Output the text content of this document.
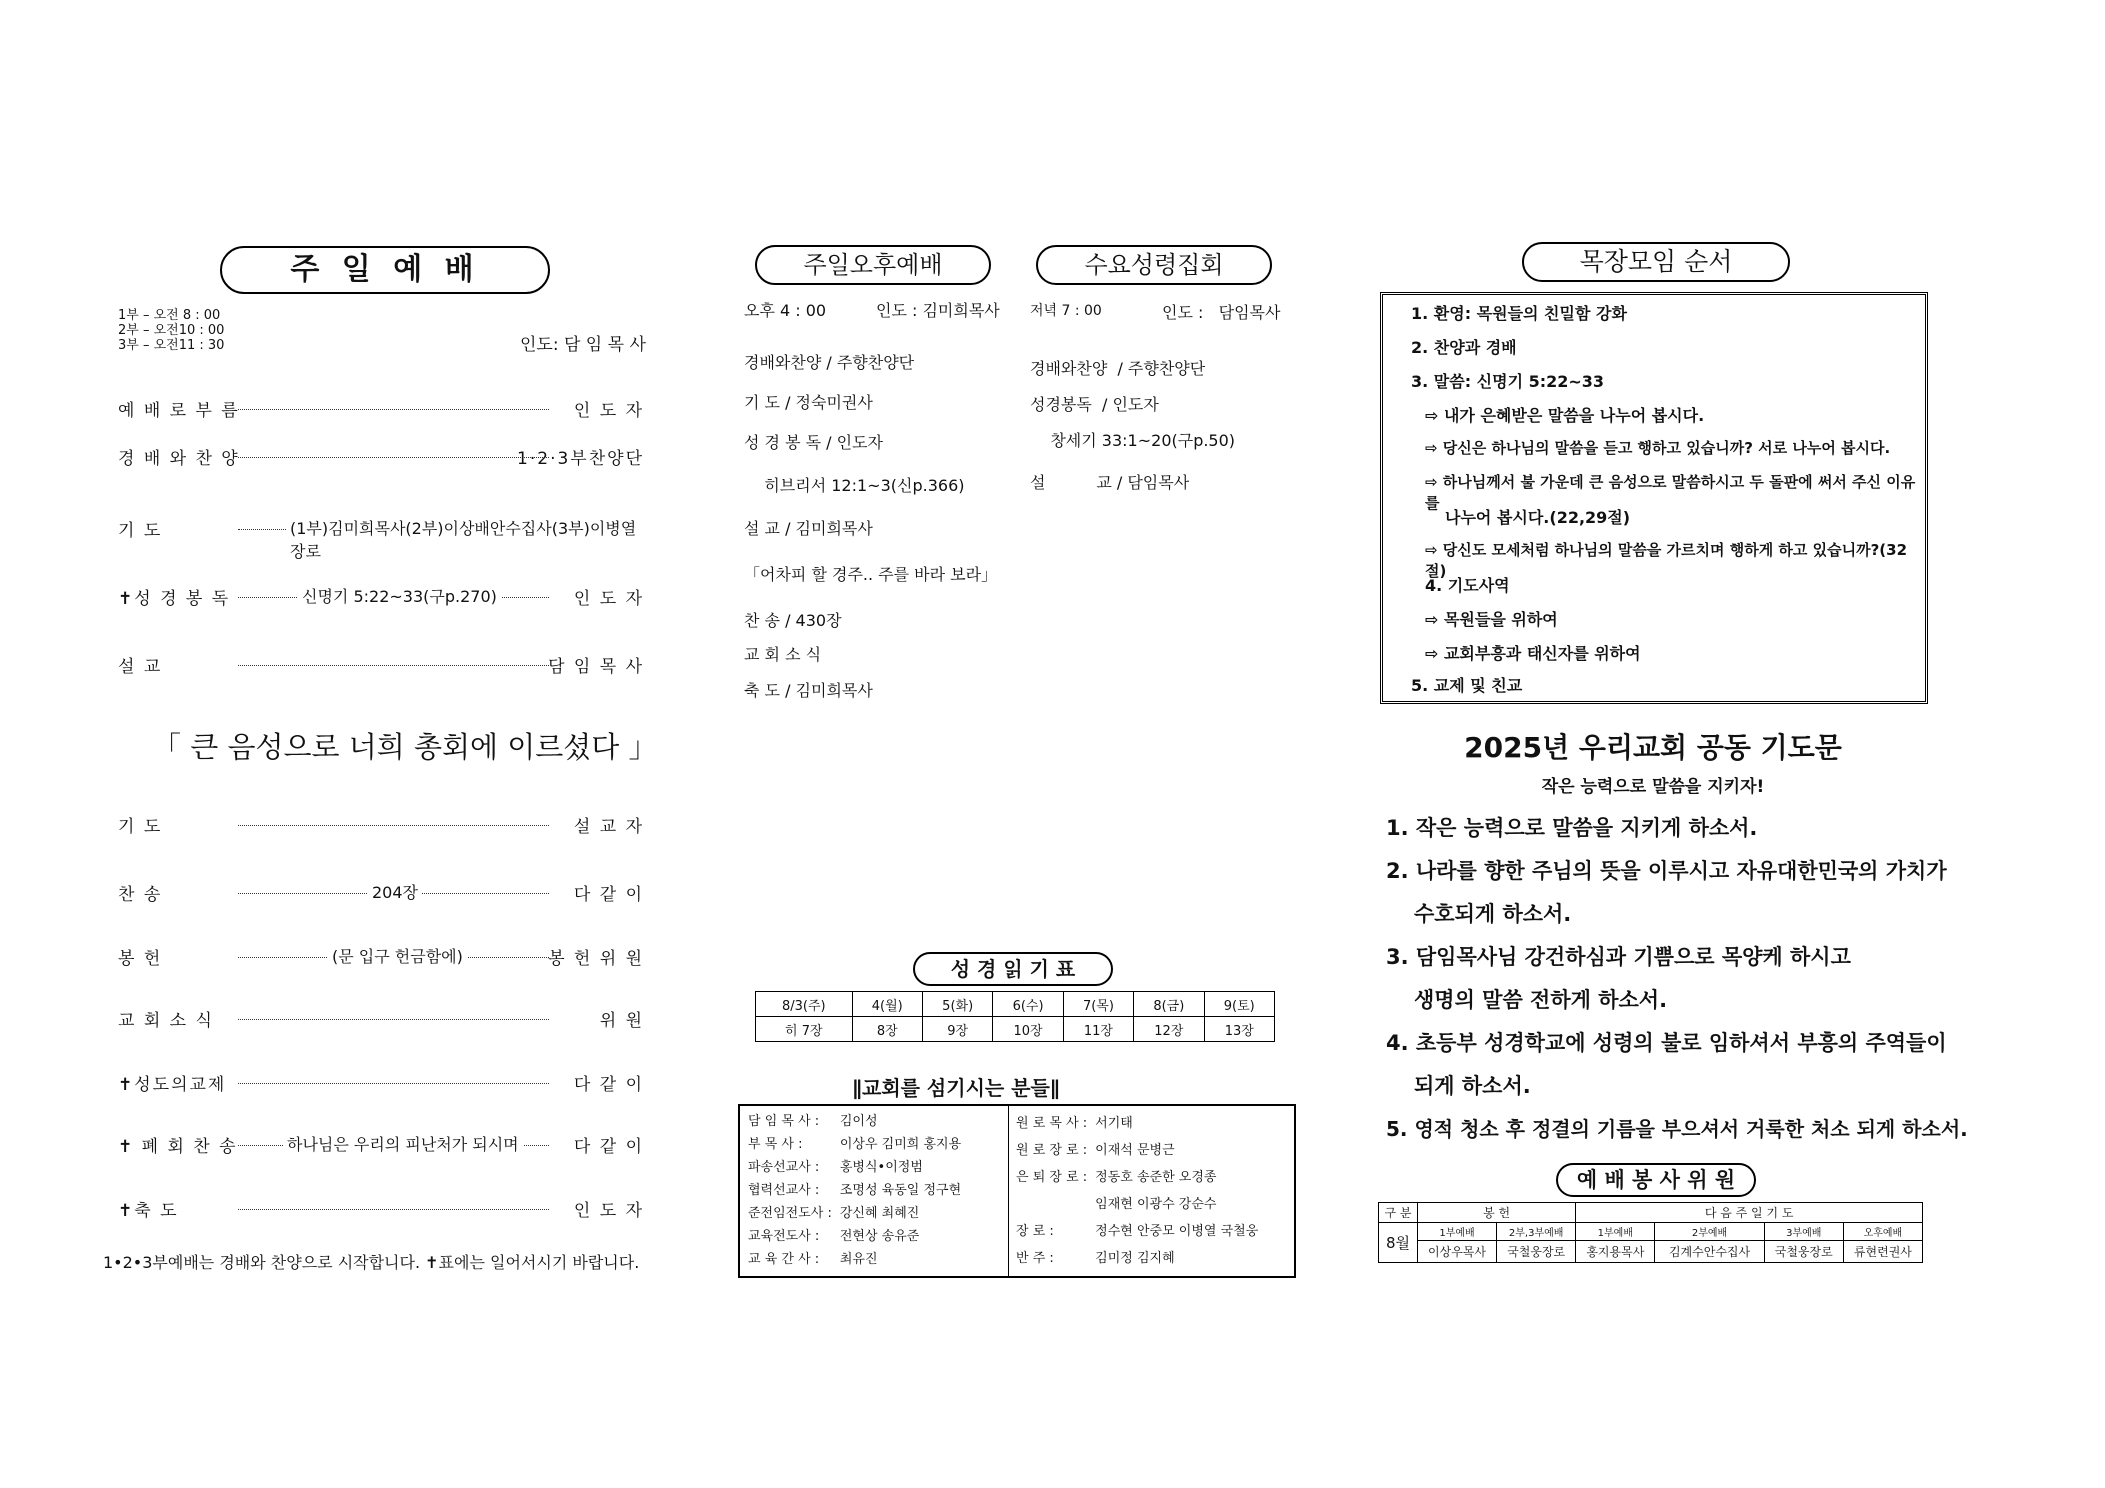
주 일 예 배
1부 – 오전 8 : 00
2부 – 오전10 : 00
3부 – 오전11 : 30	인도: 담 임 목 사
예 배 로 부 름	인 도 자
경 배 와 찬 양	1·2·3부찬양단
기 도	(1부)김미희목사(2부)이상배안수집사(3부)이병열장로
✝성 경 봉 독	신명기 5:22~33(구p.270)	인 도 자
설 교	담 임 목 사
「 큰 음성으로 너희 총회에 이르셨다 」
기 도	설 교 자
찬 송	204장	다 같 이
봉 헌	(문 입구 헌금함에)	봉 헌 위 원
교 회 소 식	위 원
✝성도의교제	다 같 이
✝ 폐 회 찬 송	하나님은 우리의 피난처가 되시며	다 같 이
✝축 도	인 도 자
1•2•3부예배는 경배와 찬양으로 시작합니다. ✝표에는 일어서시기 바랍니다.
주일오후예배	수요성령집회
오후 4 : 00	인도 : 김미희목사
경배와찬양 / 주향찬양단
기 도 / 정숙미권사
성 경 봉 독 / 인도자
히브리서 12:1~3(신p.366)
설 교 / 김미희목사
「어차피 할 경주.. 주를 바라 보라」
찬 송 / 430장
교 회 소 식
축 도 / 김미희목사
저녁 7 : 00	인도 :   담임목사
경배와찬양  / 주향찬양단
성경봉독  / 인도자
창세기 33:1~20(구p.50)
설          교 / 담임목사
성 경 읽 기 표
8/3(주)	4(월)	5(화)	6(수)	7(목)	8(금)	9(토)
히 7장	8장	9장	10장	11장	12장	13장
∥교회를 섬기시는 분들∥
담 임 목 사 :	김이성
부 목 사 :	이상우 김미희 홍지용
파송선교사 :	홍병식•이정범
협력선교사 :	조명성 육동일 정구현
준전임전도사 :	강신혜 최혜진
교육전도사 :	전현상 송유준
교 육 간 사 :	최유진
원 로 목 사 :	서기태
원 로 장 로 :	이재석 문병근
은 퇴 장 로 :	정동호 송준한 오경종
	임재현 이광수 강순수
장 로 :	정수현 안중모 이병열 국철웅
반 주 :	김미정 김지혜
목장모임 순서
1. 환영: 목원들의 친밀함 강화
2. 찬양과 경배
3. 말씀: 신명기 5:22~33
⇨ 내가 은혜받은 말씀을 나누어 봅시다.
⇨ 당신은 하나님의 말씀을 듣고 행하고 있습니까? 서로 나누어 봅시다.
⇨ 하나님께서 불 가운데 큰 음성으로 말씀하시고 두 돌판에 써서 주신 이유를
나누어 봅시다.(22,29절)
⇨ 당신도 모세처럼 하나님의 말씀을 가르치며 행하게 하고 있습니까?(32절)
4. 기도사역
⇨ 목원들을 위하여
⇨ 교회부흥과 태신자를 위하여
5. 교제 및 친교
2025년 우리교회 공동 기도문
작은 능력으로 말씀을 지키자!
1. 작은 능력으로 말씀을 지키게 하소서.
2. 나라를 향한 주님의 뜻을 이루시고 자유대한민국의 가치가
수호되게 하소서.
3. 담임목사님 강건하심과 기쁨으로 목양케 하시고
생명의 말씀 전하게 하소서.
4. 초등부 성경학교에 성령의 불로 임하셔서 부흥의 주역들이
되게 하소서.
5. 영적 청소 후 정결의 기름을 부으셔서 거룩한 처소 되게 하소서.
예 배 봉 사 위 원
구 분	봉 헌		다 음 주 일 기 도			
8월	1부예배	2부,3부예배	1부예배	2부예배	3부예배	오후예배
	이상우목사	국철웅장로	홍지용목사	김계수안수집사	국철웅장로	류현련권사
